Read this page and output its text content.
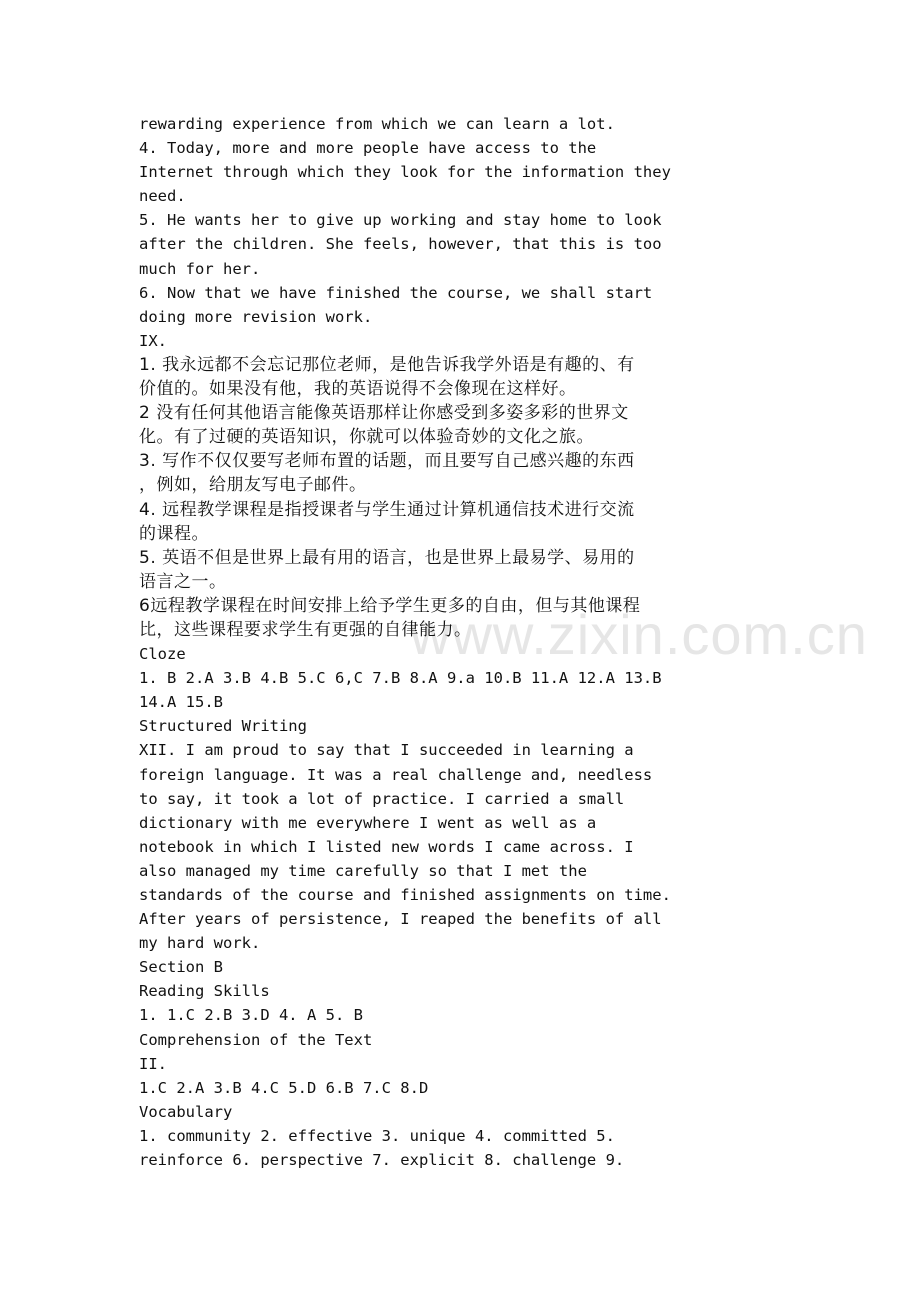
www.zixin.com.cn
rewarding experience from which we can learn a lot.
4. Today, more and more people have access to the
Internet through which they look for the information they
need.
5. He wants her to give up working and stay home to look
after the children. She feels, however, that this is too
much for her.
6. Now that we have finished the course, we shall start
doing more revision work.
IX.
1. 我永远都不会忘记那位老师，是他告诉我学外语是有趣的、有
价值的。如果没有他，我的英语说得不会像现在这样好。
2 没有任何其他语言能像英语那样让你感受到多姿多彩的世界文
化。有了过硬的英语知识，你就可以体验奇妙的文化之旅。
3. 写作不仅仅要写老师布置的话题，而且要写自己感兴趣的东西
，例如，给朋友写电子邮件。
4. 远程教学课程是指授课者与学生通过计算机通信技术进行交流
的课程。
5. 英语不但是世界上最有用的语言，也是世界上最易学、易用的
语言之一。
6远程教学课程在时间安排上给予学生更多的自由，但与其他课程
比，这些课程要求学生有更强的自律能力。
Cloze
1. B 2.A 3.B 4.B 5.C 6,C 7.B 8.A 9.a 10.B 11.A 12.A 13.B
14.A 15.B
Structured Writing
XII. I am proud to say that I succeeded in learning a
foreign language. It was a real challenge and, needless
to say, it took a lot of practice. I carried a small
dictionary with me everywhere I went as well as a
notebook in which I listed new words I came across. I
also managed my time carefully so that I met the
standards of the course and finished assignments on time.
After years of persistence, I reaped the benefits of all
my hard work.
Section B
Reading Skills
1. 1.C 2.B 3.D 4. A 5. B
Comprehension of the Text
II.
1.C 2.A 3.B 4.C 5.D 6.B 7.C 8.D
Vocabulary
1. community 2. effective 3. unique 4. committed 5.
reinforce 6. perspective 7. explicit 8. challenge 9.
